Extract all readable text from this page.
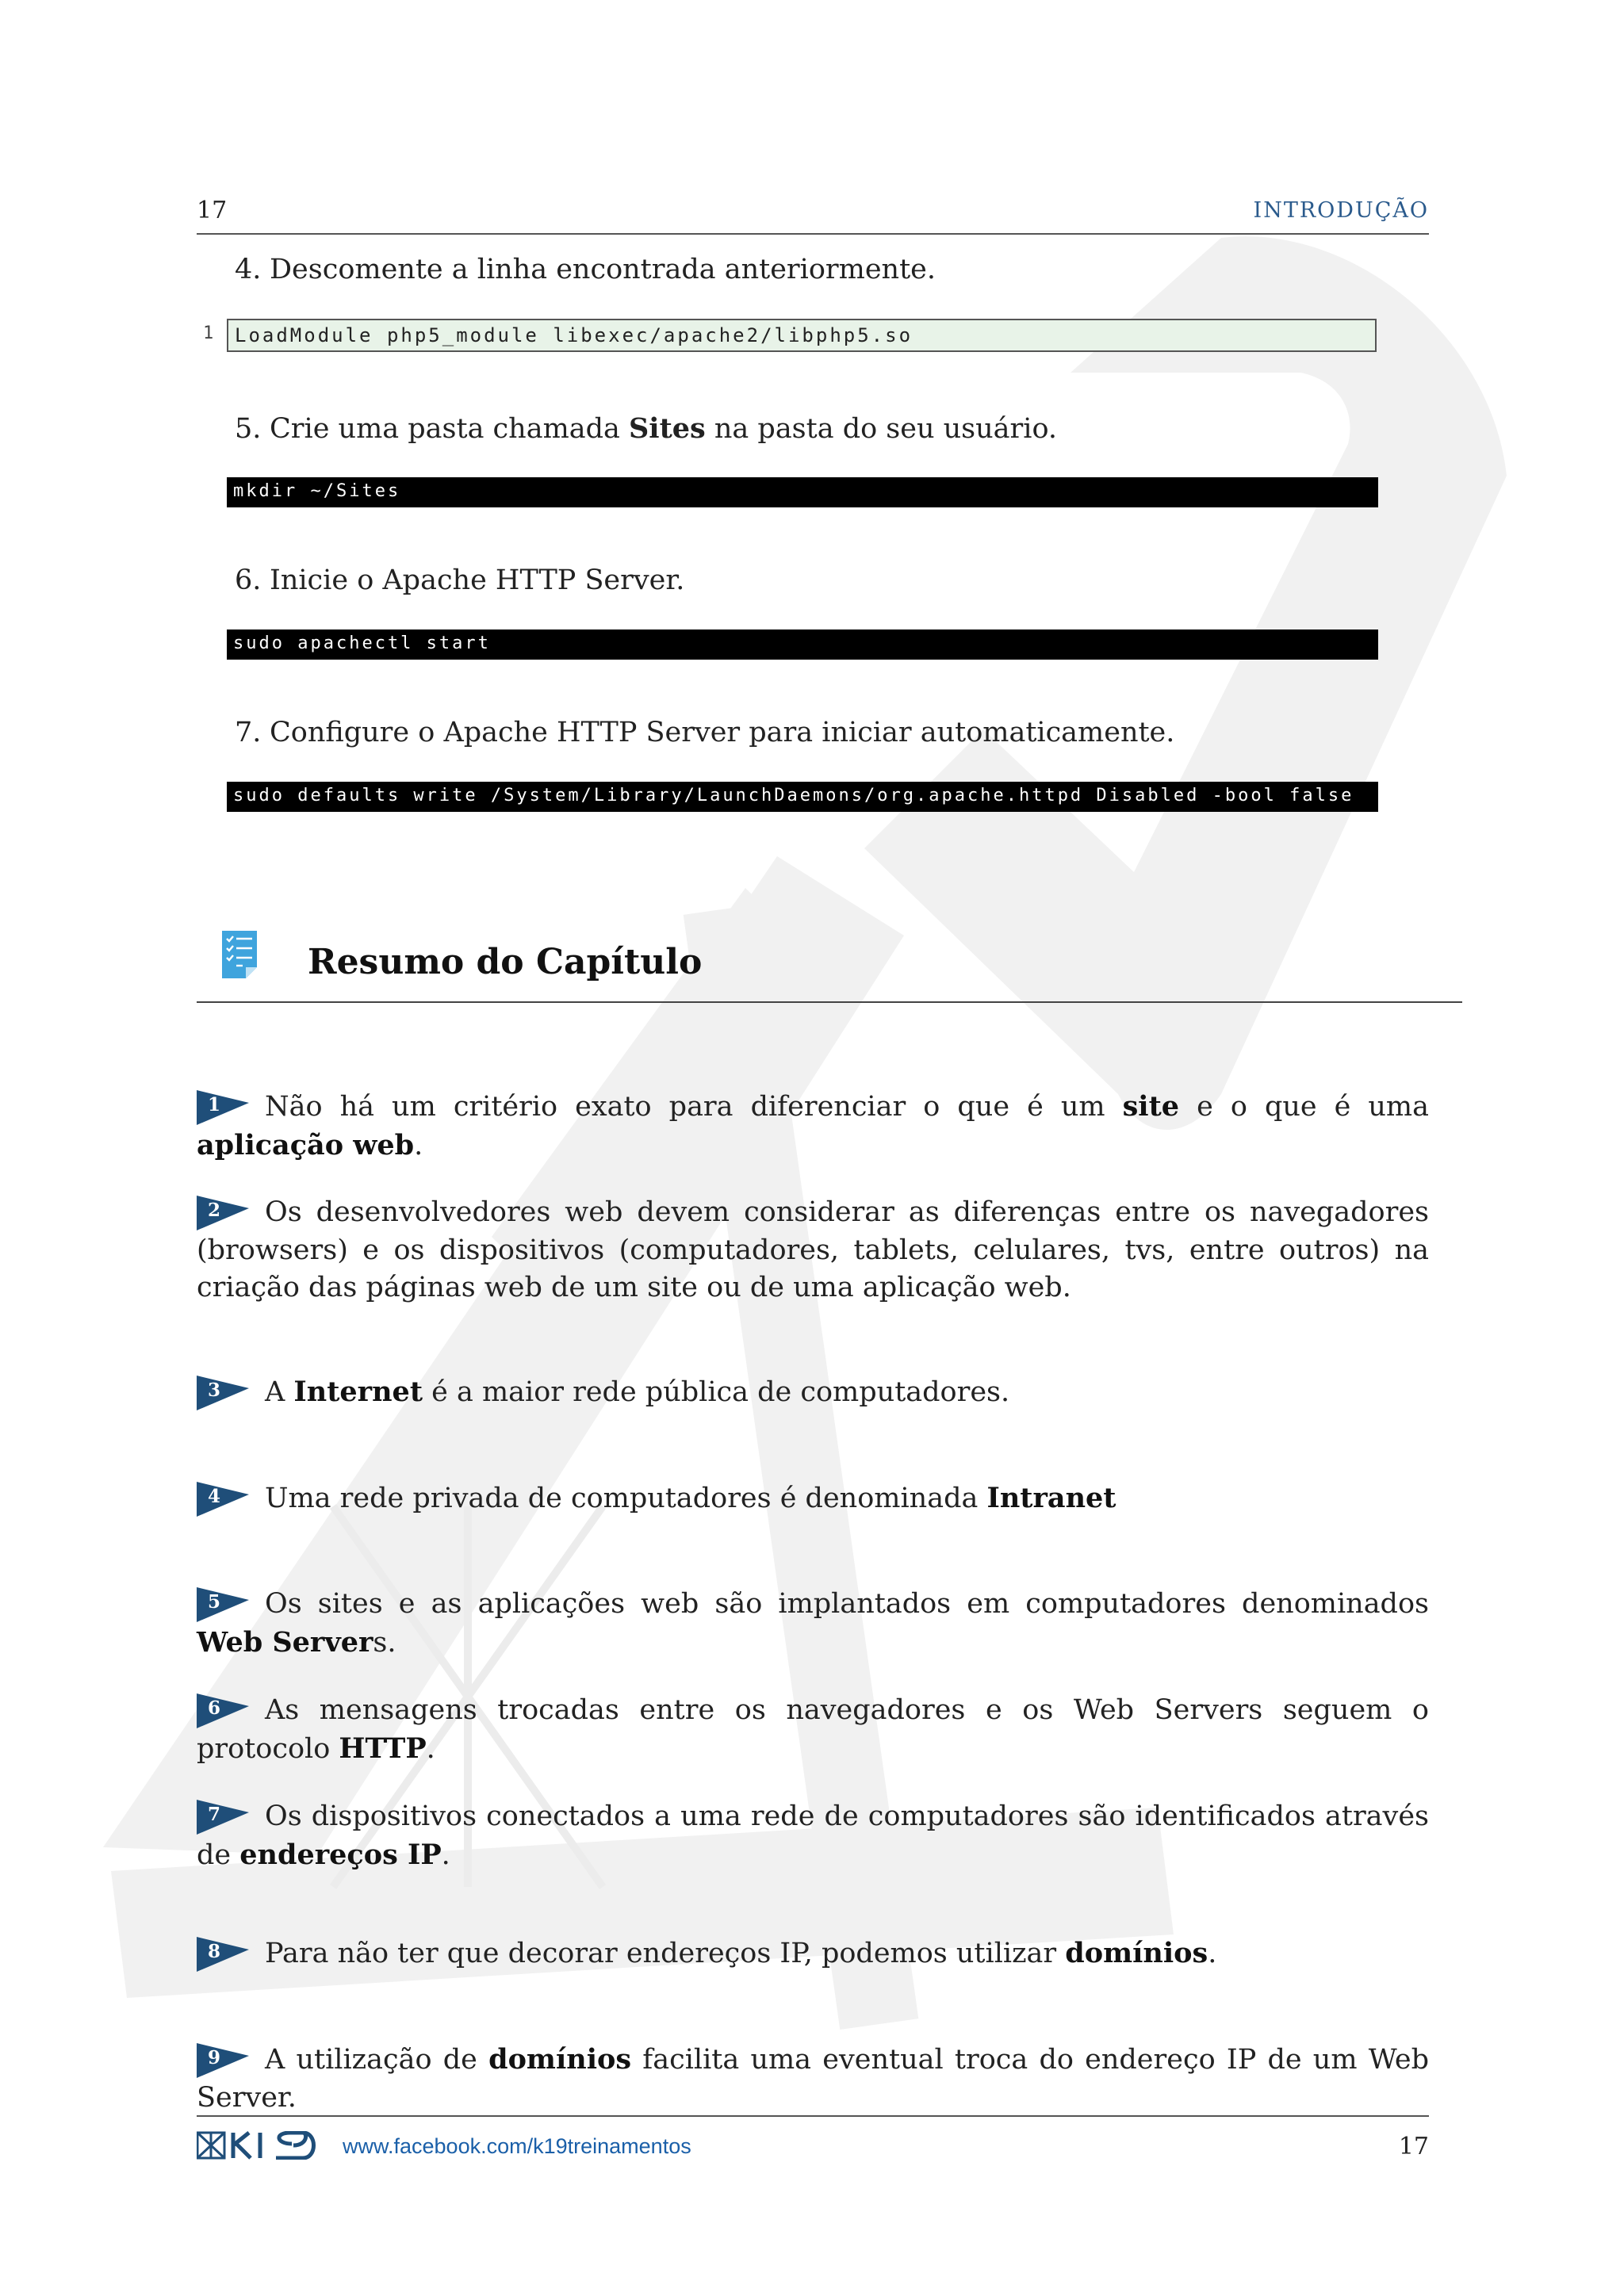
17	INTRODUÇÃO
4. Descomente a linha encontrada anteriormente.
1	LoadModule php5_module libexec/apache2/libphp5.so
5. Crie uma pasta chamada Sites na pasta do seu usuário.
mkdir ~/Sites
6. Inicie o Apache HTTP Server.
sudo apachectl start
7. Configure o Apache HTTP Server para iniciar automaticamente.
sudo defaults write /System/Library/LaunchDaemons/org.apache.httpd Disabled -bool false
Resumo do Capítulo
1 Não há um critério exato para diferenciar o que é um site e o que é uma aplicação web.
2 Os desenvolvedores web devem considerar as diferenças entre os navegadores (browsers) e os dispositivos (computadores, tablets, celulares, tvs, entre outros) na criação das páginas web de um site ou de uma aplicação web.
3 A Internet é a maior rede pública de computadores.
4 Uma rede privada de computadores é denominada Intranet
5 Os sites e as aplicações web são implantados em computadores denominados Web Servers.
6 As mensagens trocadas entre os navegadores e os Web Servers seguem o protocolo HTTP.
7 Os dispositivos conectados a uma rede de computadores são identificados através de endereços IP.
8 Para não ter que decorar endereços IP, podemos utilizar domínios.
9 A utilização de domínios facilita uma eventual troca do endereço IP de um Web Server.
www.facebook.com/k19treinamentos	17
